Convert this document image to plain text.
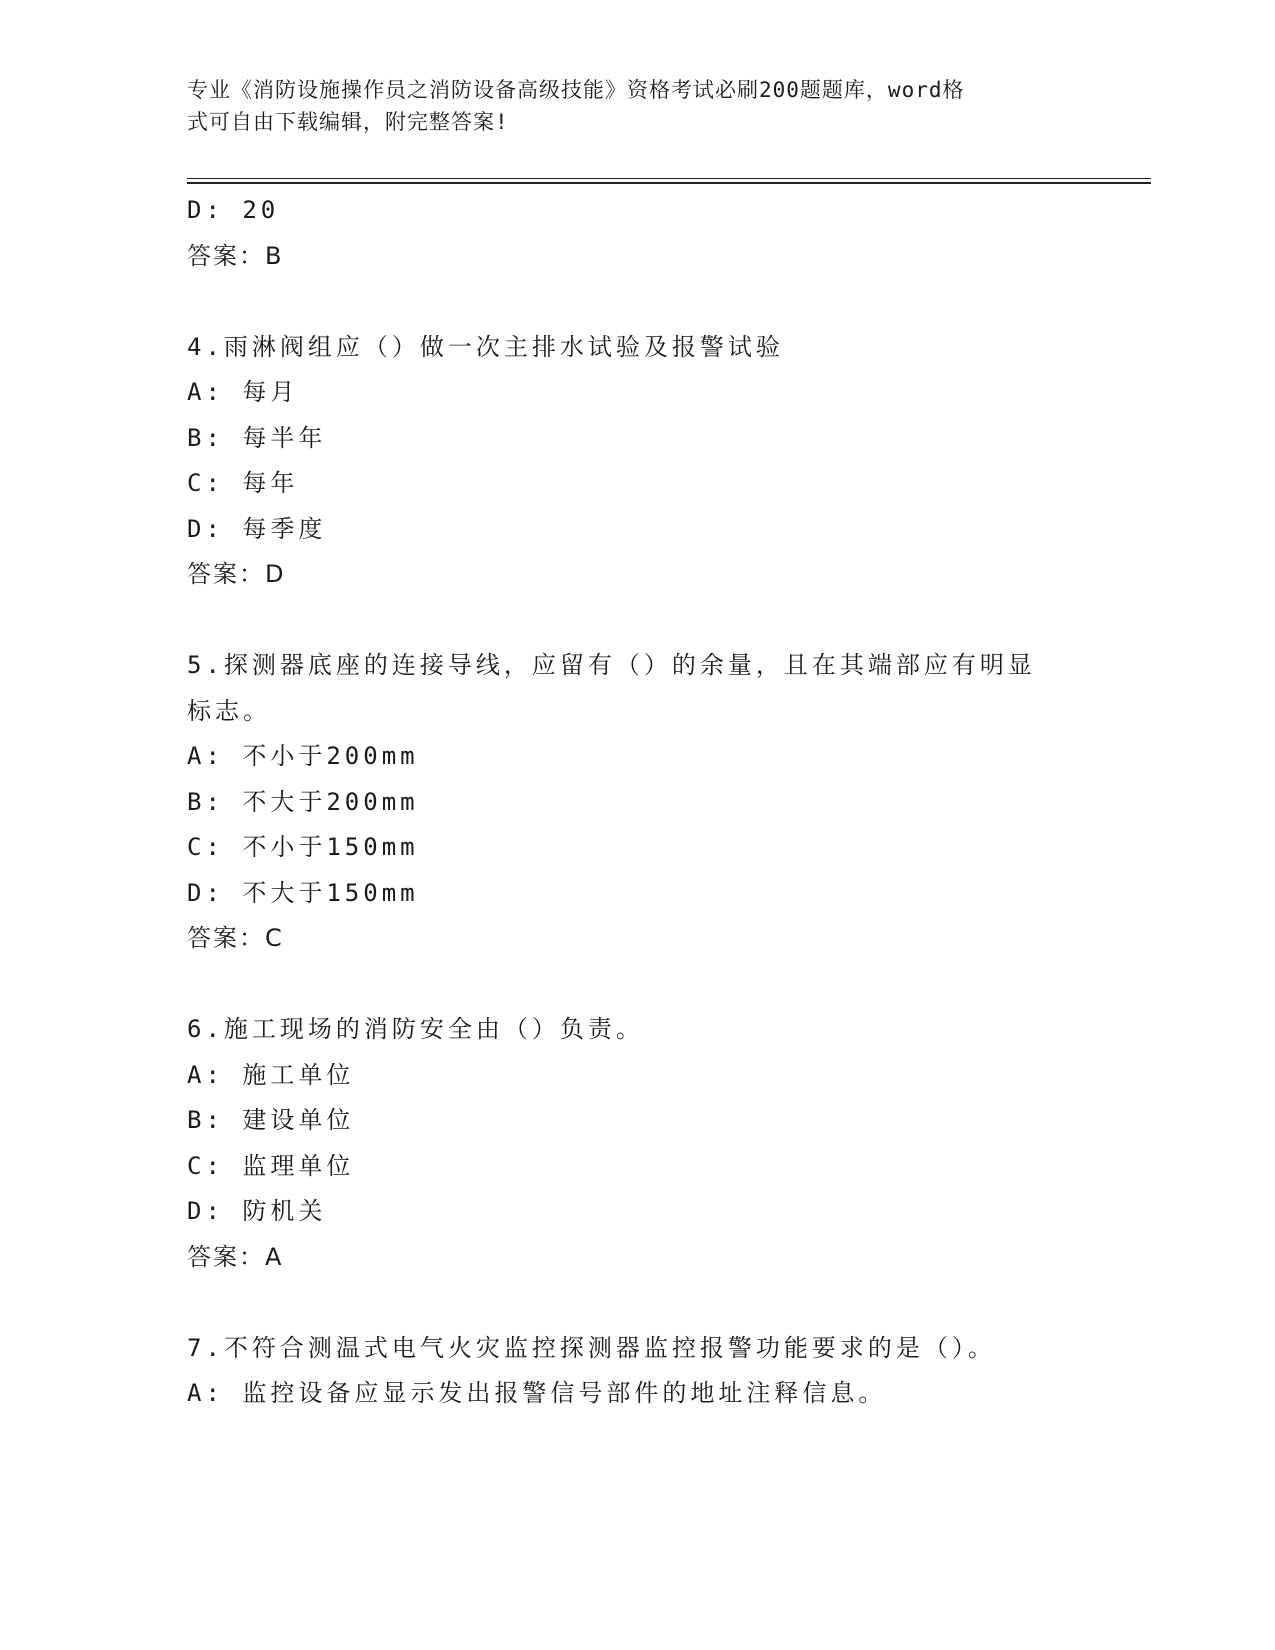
专业《消防设施操作员之消防设备高级技能》资格考试必刷200题题库，word格
式可自由下载编辑，附完整答案!
D: 20
答案：B
4.雨淋阀组应（）做一次主排水试验及报警试验
A: 每月
B: 每半年
C: 每年
D: 每季度
答案：D
5.探测器底座的连接导线，应留有（）的余量，且在其端部应有明显
标志。
A: 不小于200mm
B: 不大于200mm
C: 不小于150mm
D: 不大于150mm
答案：C
6.施工现场的消防安全由（）负责。
A: 施工单位
B: 建设单位
C: 监理单位
D: 防机关
答案：A
7.不符合测温式电气火灾监控探测器监控报警功能要求的是（）。
A: 监控设备应显示发出报警信号部件的地址注释信息。
